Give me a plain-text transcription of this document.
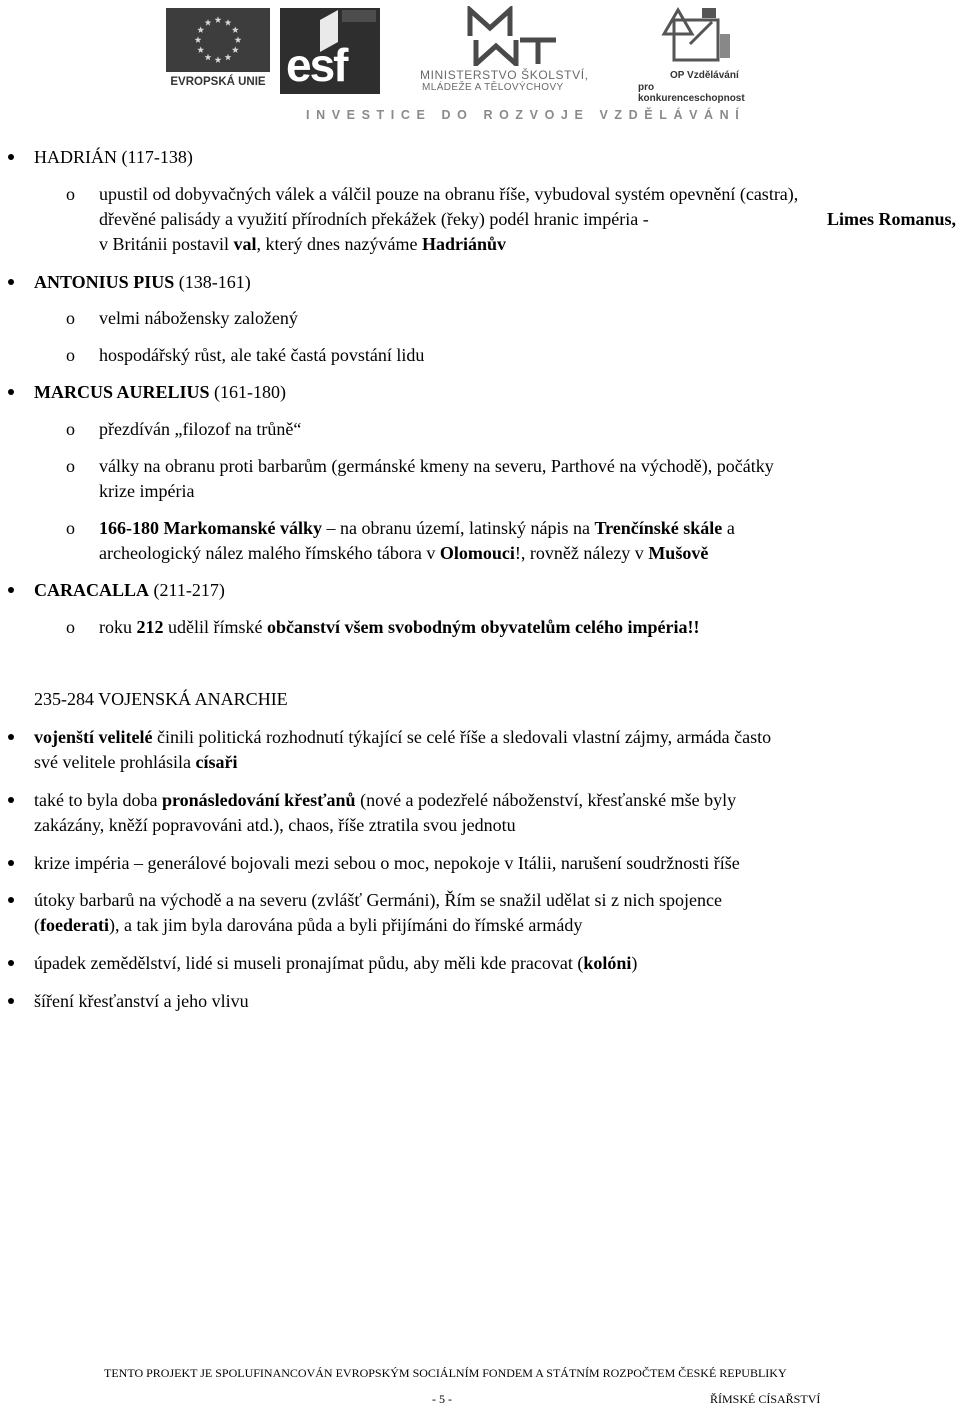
EVROPSKÁ UNIE esf
ˇ
MINISTERSTVO ŠKOLSTVÍ,
MLÁDEŽE A TĚLOVÝCHOVY
OP Vzdělávání
pro konkurenceschopnost
INVESTICE DO ROZVOJE VZDĚLÁVÁNÍ
HADRIÁN (117-138)
o upustil od dobyvačných válek a válčil pouze na obranu říše, vybudoval systém opevnění (castra),
dřevěné palisády a využití přírodních překážek (řeky) podél hranic impéria -	Limes Romanus,
v Británii postavil val, který dnes nazýváme Hadriánův
ANTONIUS PIUS (138-161)
o velmi nábožensky založený
o hospodářský růst, ale také častá povstání lidu
MARCUS AURELIUS (161-180)
o přezdíván „filozof na trůně“
o války na obranu proti barbarům (germánské kmeny na severu, Parthové na východě), počátky
krize impéria
o 166-180 Markomanské války – na obranu území, latinský nápis na Trenčínské skále a
archeologický nález malého římského tábora v Olomouci!, rovněž nálezy v Mušově
CARACALLA (211-217)
o roku 212 udělil římské občanství všem svobodným obyvatelům celého impéria!!
235-284 VOJENSKÁ ANARCHIE
vojenští velitelé činili politická rozhodnutí týkající se celé říše a sledovali vlastní zájmy, armáda často
své velitele prohlásila císaři
také to byla doba pronásledování křesťanů (nové a podezřelé náboženství, křesťanské mše byly
zakázány, kněží popravováni atd.), chaos, říše ztratila svou jednotu
krize impéria – generálové bojovali mezi sebou o moc, nepokoje v Itálii, narušení soudržnosti říše
útoky barbarů na východě a na severu (zvlášť Germáni), Řím se snažil udělat si z nich spojence
(foederati), a tak jim byla darována půda a byli přijímáni do římské armády
úpadek zemědělství, lidé si museli pronajímat půdu, aby měli kde pracovat (kolóni)
šíření křesťanství a jeho vlivu
TENTO PROJEKT JE SPOLUFINANCOVÁN EVROPSKÝM SOCIÁLNÍM FONDEM A STÁTNÍM ROZPOČTEM ČESKÉ REPUBLIKY
- 5 -	ŘÍMSKÉ CÍSAŘSTVÍ
